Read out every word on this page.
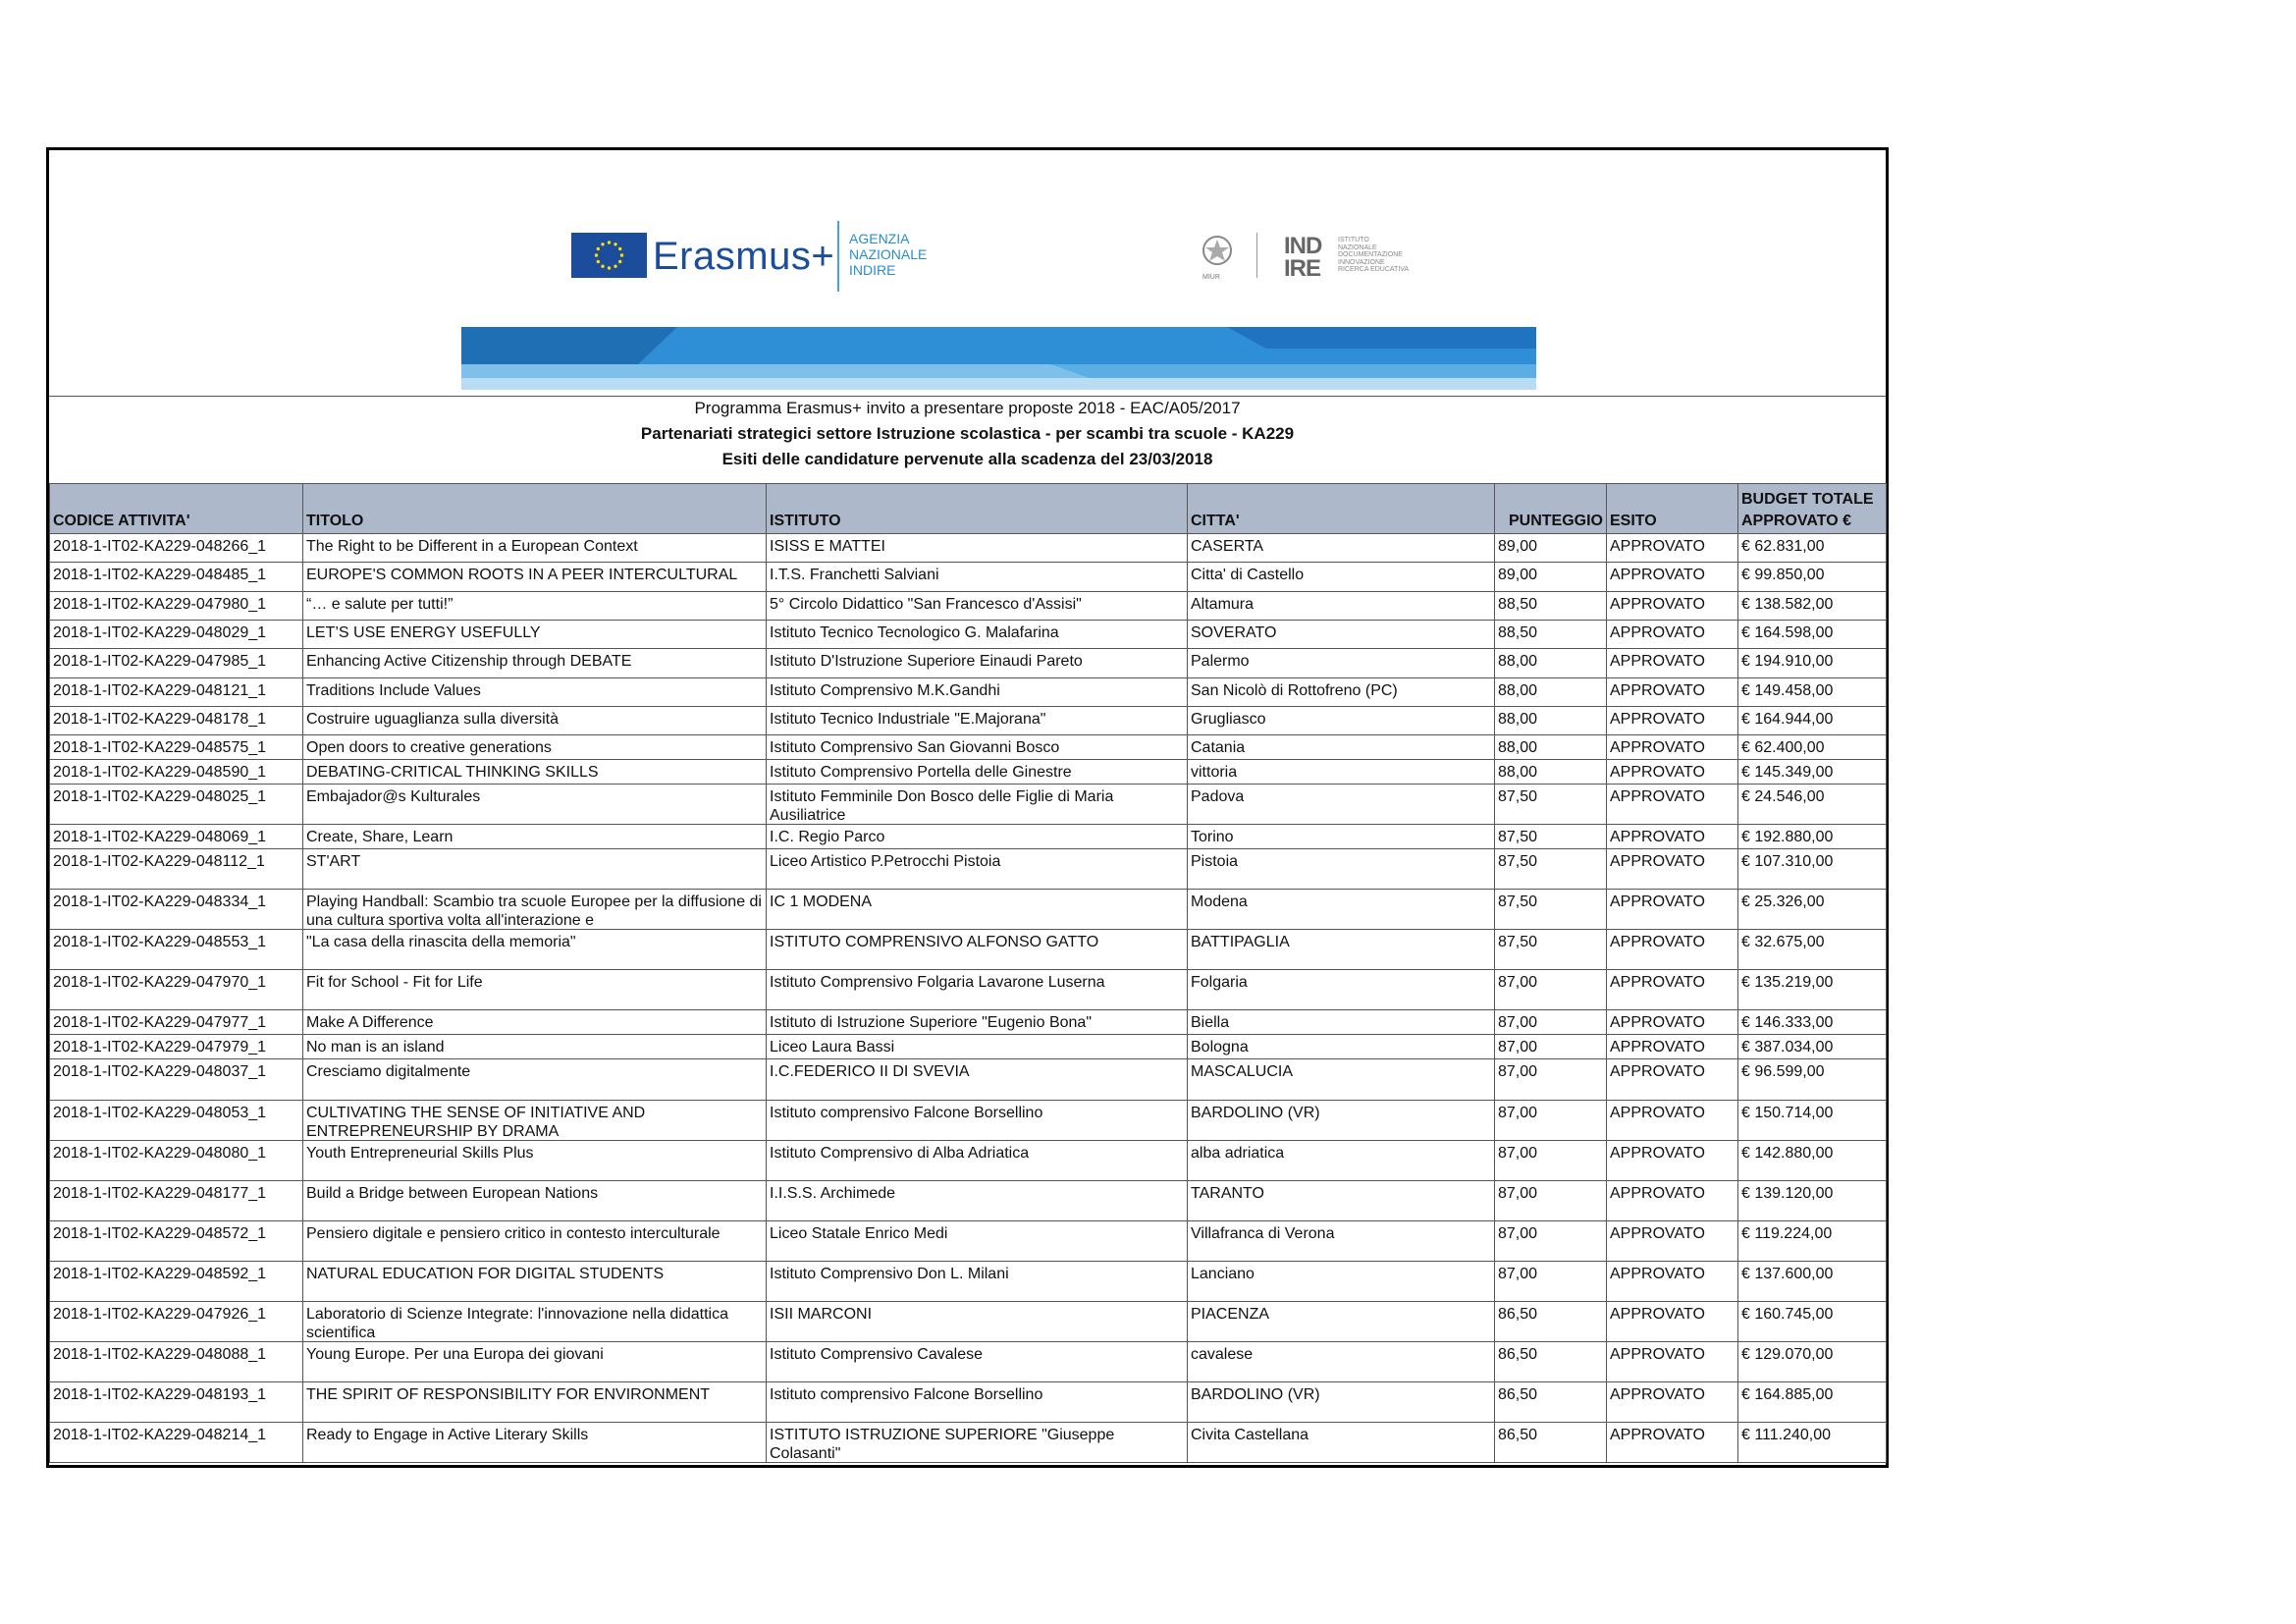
Erasmus+ AGENZIA
NAZIONALE
INDIRE	MIUR
IND
IRE
ISTITUTO
NAZIONALE
DOCUMENTAZIONE
INNOVAZIONE
RICERCA EDUCATIVA
Programma Erasmus+ invito a presentare proposte 2018 - EAC/A05/2017
Partenariati strategici settore Istruzione scolastica - per scambi tra scuole - KA229
Esiti delle candidature pervenute alla scadenza del 23/03/2018
CODICE ATTIVITA'	TITOLO	ISTITUTO	CITTA'	PUNTEGGIO	ESITO	BUDGET TOTALE
APPROVATO €

2018-1-IT02-KA229-048266_1	The Right to be Different in a European Context	ISISS E MATTEI	CASERTA	89,00	APPROVATO	€ 62.831,00
2018-1-IT02-KA229-048485_1	EUROPE'S COMMON ROOTS IN A PEER INTERCULTURAL	I.T.S. Franchetti Salviani	Citta' di Castello	89,00	APPROVATO	€ 99.850,00
2018-1-IT02-KA229-047980_1	“… e salute per tutti!”	5° Circolo Didattico "San Francesco d'Assisi"	Altamura	88,50	APPROVATO	€ 138.582,00
2018-1-IT02-KA229-048029_1	LET’S USE ENERGY USEFULLY	Istituto Tecnico Tecnologico G. Malafarina	SOVERATO	88,50	APPROVATO	€ 164.598,00
2018-1-IT02-KA229-047985_1	Enhancing Active Citizenship through DEBATE	Istituto D'Istruzione Superiore Einaudi Pareto	Palermo	88,00	APPROVATO	€ 194.910,00
2018-1-IT02-KA229-048121_1	Traditions Include Values	Istituto Comprensivo M.K.Gandhi	San Nicolò di Rottofreno (PC)	88,00	APPROVATO	€ 149.458,00
2018-1-IT02-KA229-048178_1	Costruire uguaglianza sulla diversità	Istituto Tecnico Industriale "E.Majorana"	Grugliasco	88,00	APPROVATO	€ 164.944,00
2018-1-IT02-KA229-048575_1	Open doors to creative generations	Istituto Comprensivo San Giovanni Bosco	Catania	88,00	APPROVATO	€ 62.400,00
2018-1-IT02-KA229-048590_1	DEBATING-CRITICAL THINKING SKILLS	Istituto Comprensivo Portella delle Ginestre	vittoria	88,00	APPROVATO	€ 145.349,00
2018-1-IT02-KA229-048025_1	Embajador@s Kulturales	Istituto Femminile Don Bosco delle Figlie di Maria Ausiliatrice	Padova	87,50	APPROVATO	€ 24.546,00
2018-1-IT02-KA229-048069_1	Create, Share, Learn	I.C. Regio Parco	Torino	87,50	APPROVATO	€ 192.880,00
2018-1-IT02-KA229-048112_1	ST'ART	Liceo Artistico P.Petrocchi Pistoia	Pistoia	87,50	APPROVATO	€ 107.310,00
2018-1-IT02-KA229-048334_1	Playing Handball: Scambio tra scuole Europee per la diffusione di una cultura sportiva volta all'interazione e	IC 1 MODENA	Modena	87,50	APPROVATO	€ 25.326,00
2018-1-IT02-KA229-048553_1	"La casa della rinascita della memoria"	ISTITUTO COMPRENSIVO ALFONSO GATTO	BATTIPAGLIA	87,50	APPROVATO	€ 32.675,00
2018-1-IT02-KA229-047970_1	Fit for School - Fit for Life	Istituto Comprensivo Folgaria Lavarone Luserna	Folgaria	87,00	APPROVATO	€ 135.219,00
2018-1-IT02-KA229-047977_1	Make A Difference	Istituto di Istruzione Superiore "Eugenio Bona"	Biella	87,00	APPROVATO	€ 146.333,00
2018-1-IT02-KA229-047979_1	No man is an island	Liceo Laura Bassi	Bologna	87,00	APPROVATO	€ 387.034,00
2018-1-IT02-KA229-048037_1	Cresciamo digitalmente	I.C.FEDERICO II DI SVEVIA	MASCALUCIA	87,00	APPROVATO	€ 96.599,00
2018-1-IT02-KA229-048053_1	CULTIVATING THE SENSE OF INITIATIVE AND ENTREPRENEURSHIP BY DRAMA	Istituto comprensivo Falcone Borsellino	BARDOLINO (VR)	87,00	APPROVATO	€ 150.714,00
2018-1-IT02-KA229-048080_1	Youth Entrepreneurial Skills Plus	Istituto Comprensivo di Alba Adriatica	alba adriatica	87,00	APPROVATO	€ 142.880,00
2018-1-IT02-KA229-048177_1	Build a Bridge between European Nations	I.I.S.S. Archimede	TARANTO	87,00	APPROVATO	€ 139.120,00
2018-1-IT02-KA229-048572_1	Pensiero digitale e pensiero critico in contesto interculturale	Liceo Statale Enrico Medi	Villafranca di Verona	87,00	APPROVATO	€ 119.224,00
2018-1-IT02-KA229-048592_1	NATURAL EDUCATION FOR DIGITAL STUDENTS	Istituto Comprensivo Don L. Milani	Lanciano	87,00	APPROVATO	€ 137.600,00
2018-1-IT02-KA229-047926_1	Laboratorio di Scienze Integrate: l'innovazione nella didattica scientifica	ISII MARCONI	PIACENZA	86,50	APPROVATO	€ 160.745,00
2018-1-IT02-KA229-048088_1	Young Europe. Per una Europa dei giovani	Istituto Comprensivo Cavalese	cavalese	86,50	APPROVATO	€ 129.070,00
2018-1-IT02-KA229-048193_1	THE SPIRIT OF RESPONSIBILITY FOR ENVIRONMENT	Istituto comprensivo Falcone Borsellino	BARDOLINO (VR)	86,50	APPROVATO	€ 164.885,00
2018-1-IT02-KA229-048214_1	Ready to Engage in Active Literary Skills	ISTITUTO ISTRUZIONE SUPERIORE "Giuseppe Colasanti"	Civita Castellana	86,50	APPROVATO	€ 111.240,00
